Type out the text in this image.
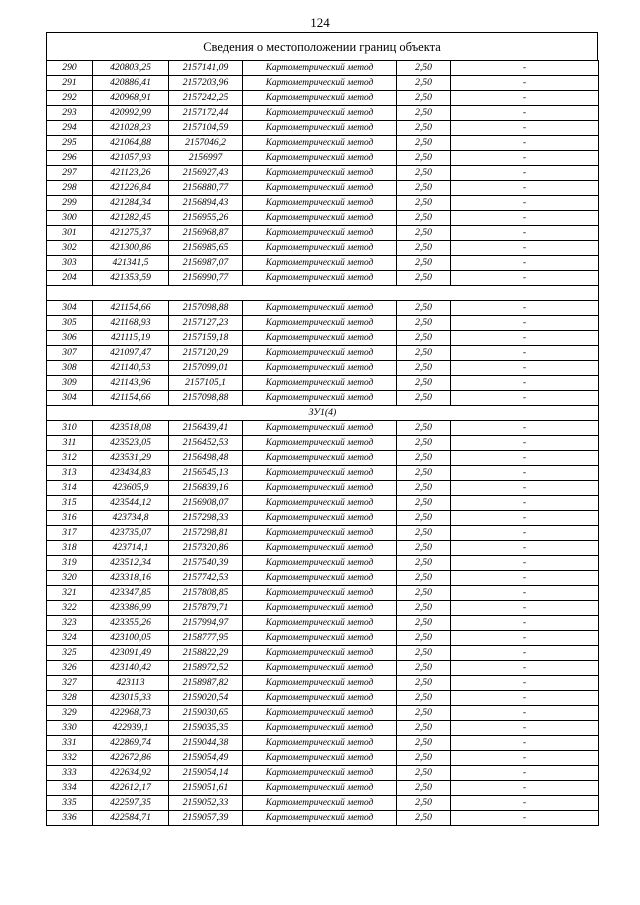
124
Сведения о местоположении границ объекта
290	420803,25	2157141,09	Картометрический метод	2,50	-
291	420886,41	2157203,96	Картометрический метод	2,50	-
292	420968,91	2157242,25	Картометрический метод	2,50	-
293	420992,99	2157172,44	Картометрический метод	2,50	-
294	421028,23	2157104,59	Картометрический метод	2,50	-
295	421064,88	2157046,2	Картометрический метод	2,50	-
296	421057,93	2156997	Картометрический метод	2,50	-
297	421123,26	2156927,43	Картометрический метод	2,50	-
298	421226,84	2156880,77	Картометрический метод	2,50	-
299	421284,34	2156894,43	Картометрический метод	2,50	-
300	421282,45	2156955,26	Картометрический метод	2,50	-
301	421275,37	2156968,87	Картометрический метод	2,50	-
302	421300,86	2156985,65	Картометрический метод	2,50	-
303	421341,5	2156987,07	Картометрический метод	2,50	-
204	421353,59	2156990,77	Картометрический метод	2,50	-

304	421154,66	2157098,88	Картометрический метод	2,50	-
305	421168,93	2157127,23	Картометрический метод	2,50	-
306	421115,19	2157159,18	Картометрический метод	2,50	-
307	421097,47	2157120,29	Картометрический метод	2,50	-
308	421140,53	2157099,01	Картометрический метод	2,50	-
309	421143,96	2157105,1	Картометрический метод	2,50	-
304	421154,66	2157098,88	Картометрический метод	2,50	-
ЗУ1(4)					
310	423518,08	2156439,41	Картометрический метод	2,50	-
311	423523,05	2156452,53	Картометрический метод	2,50	-
312	423531,29	2156498,48	Картометрический метод	2,50	-
313	423434,83	2156545,13	Картометрический метод	2,50	-
314	423605,9	2156839,16	Картометрический метод	2,50	-
315	423544,12	2156908,07	Картометрический метод	2,50	-
316	423734,8	2157298,33	Картометрический метод	2,50	-
317	423735,07	2157298,81	Картометрический метод	2,50	-
318	423714,1	2157320,86	Картометрический метод	2,50	-
319	423512,34	2157540,39	Картометрический метод	2,50	-
320	423318,16	2157742,53	Картометрический метод	2,50	-
321	423347,85	2157808,85	Картометрический метод	2,50	-
322	423386,99	2157879,71	Картометрический метод	2,50	-
323	423355,26	2157994,97	Картометрический метод	2,50	-
324	423100,05	2158777,95	Картометрический метод	2,50	-
325	423091,49	2158822,29	Картометрический метод	2,50	-
326	423140,42	2158972,52	Картометрический метод	2,50	-
327	423113	2158987,82	Картометрический метод	2,50	-
328	423015,33	2159020,54	Картометрический метод	2,50	-
329	422968,73	2159030,65	Картометрический метод	2,50	-
330	422939,1	2159035,35	Картометрический метод	2,50	-
331	422869,74	2159044,38	Картометрический метод	2,50	-
332	422672,86	2159054,49	Картометрический метод	2,50	-
333	422634,92	2159054,14	Картометрический метод	2,50	-
334	422612,17	2159051,61	Картометрический метод	2,50	-
335	422597,35	2159052,33	Картометрический метод	2,50	-
336	422584,71	2159057,39	Картометрический метод	2,50	-
